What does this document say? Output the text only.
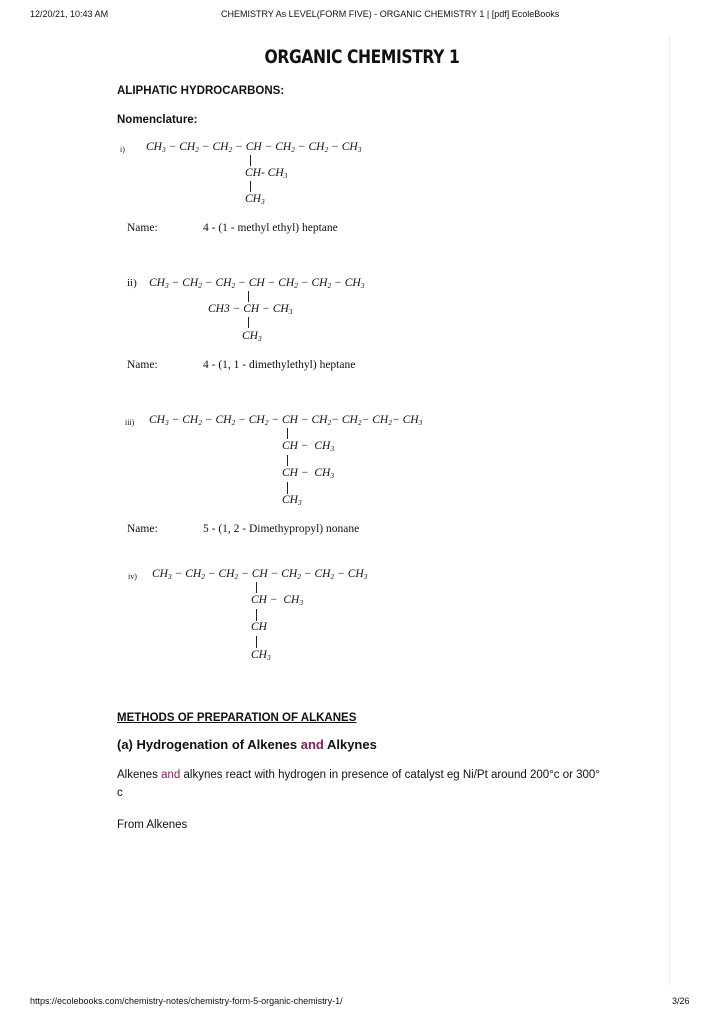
12/20/21, 10:43 AM	CHEMISTRY As LEVEL(FORM FIVE) - ORGANIC CHEMISTRY 1 | [pdf] EcoleBooks
ORGANIC CHEMISTRY 1
ALIPHATIC HYDROCARBONS:
Nomenclature:
i) $CH_3 - CH_2 - CH_2$ − CH − $CH_2 - CH_2 - CH_3$
CH- $CH_3$
$CH_3$
Name:	4 - (1 - methyl ethyl) heptane
ii) $CH_3 - CH_2 - CH_2$ − CH − $CH_2 - CH_2 - CH_3$
CH3 − CH − $CH_3$
$CH_3$
Name:	4 - (1, 1 - dimethylethyl) heptane
iii) $CH_3 - CH_2 - CH_2 - CH_2$ − CH − $CH_2- CH_2- CH_2- CH_3$
CH −  $CH_3$
CH −  $CH_3$
$CH_3$
Name:	5 - (1, 2 - Dimethypropyl) nonane
iv) $CH_3 - CH_2 - CH_2$ − CH − $CH_2 - CH_2 - CH_3$
CH −  $CH_3$
CH
$CH_3$
METHODS OF PREPARATION OF ALKANES
(a) Hydrogenation of Alkenes and Alkynes
Alkenes and alkynes react with hydrogen in presence of catalyst eg Ni/Pt around 200°c or 300° c
From Alkenes
https://ecolebooks.com/chemistry-notes/chemistry-form-5-organic-chemistry-1/	3/26
